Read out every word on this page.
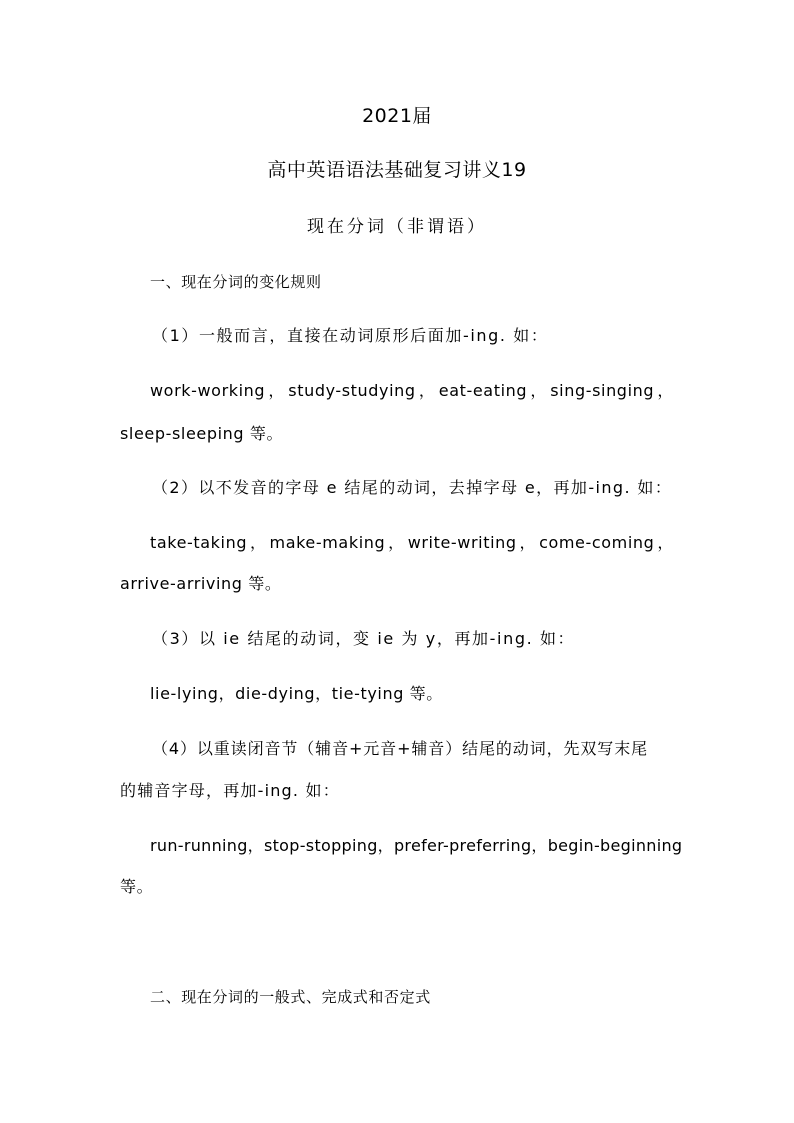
2021届
高中英语语法基础复习讲义19
现在分词（非谓语）
一、现在分词的变化规则
（1）一般而言，直接在动词原形后面加-ing. 如：
work-working ， study-studying ， eat-eating ， sing-singing ，
sleep-sleeping 等。
（2）以不发音的字母 e 结尾的动词，去掉字母 e，再加-ing. 如：
take-taking ， make-making ， write-writing ， come-coming ，
arrive-arriving 等。
（3）以 ie 结尾的动词，变 ie 为 y，再加-ing. 如：
lie-lying，die-dying，tie-tying 等。
（4）以重读闭音节（辅音+元音+辅音）结尾的动词，先双写末尾
的辅音字母，再加-ing. 如：
run-running，stop-stopping，prefer-preferring，begin-beginning
等。
二、现在分词的一般式、完成式和否定式
